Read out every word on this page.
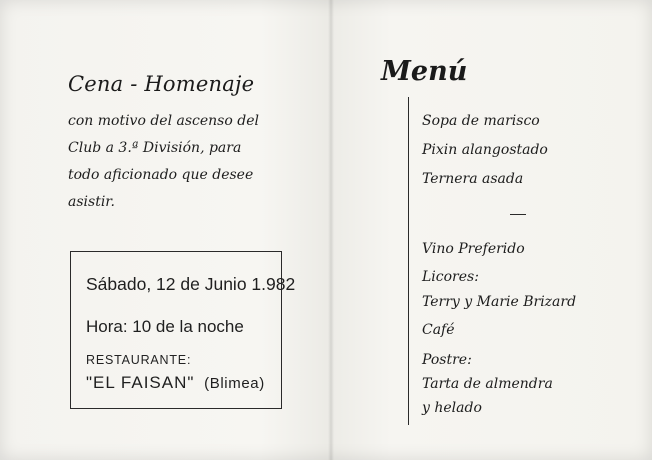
Cena - Homenaje
con motivo del ascenso del
Club a 3.ª División, para
todo aficionado que desee
asistir.
Sábado, 12 de Junio 1.982
Hora: 10 de la noche
RESTAURANTE:
"EL FAISAN" (Blimea)
Menú
Sopa de marisco
Pixin alangostado
Ternera asada
Vino Preferido
Licores:
Terry y Marie Brizard
Café
Postre:
Tarta de almendra
y helado
